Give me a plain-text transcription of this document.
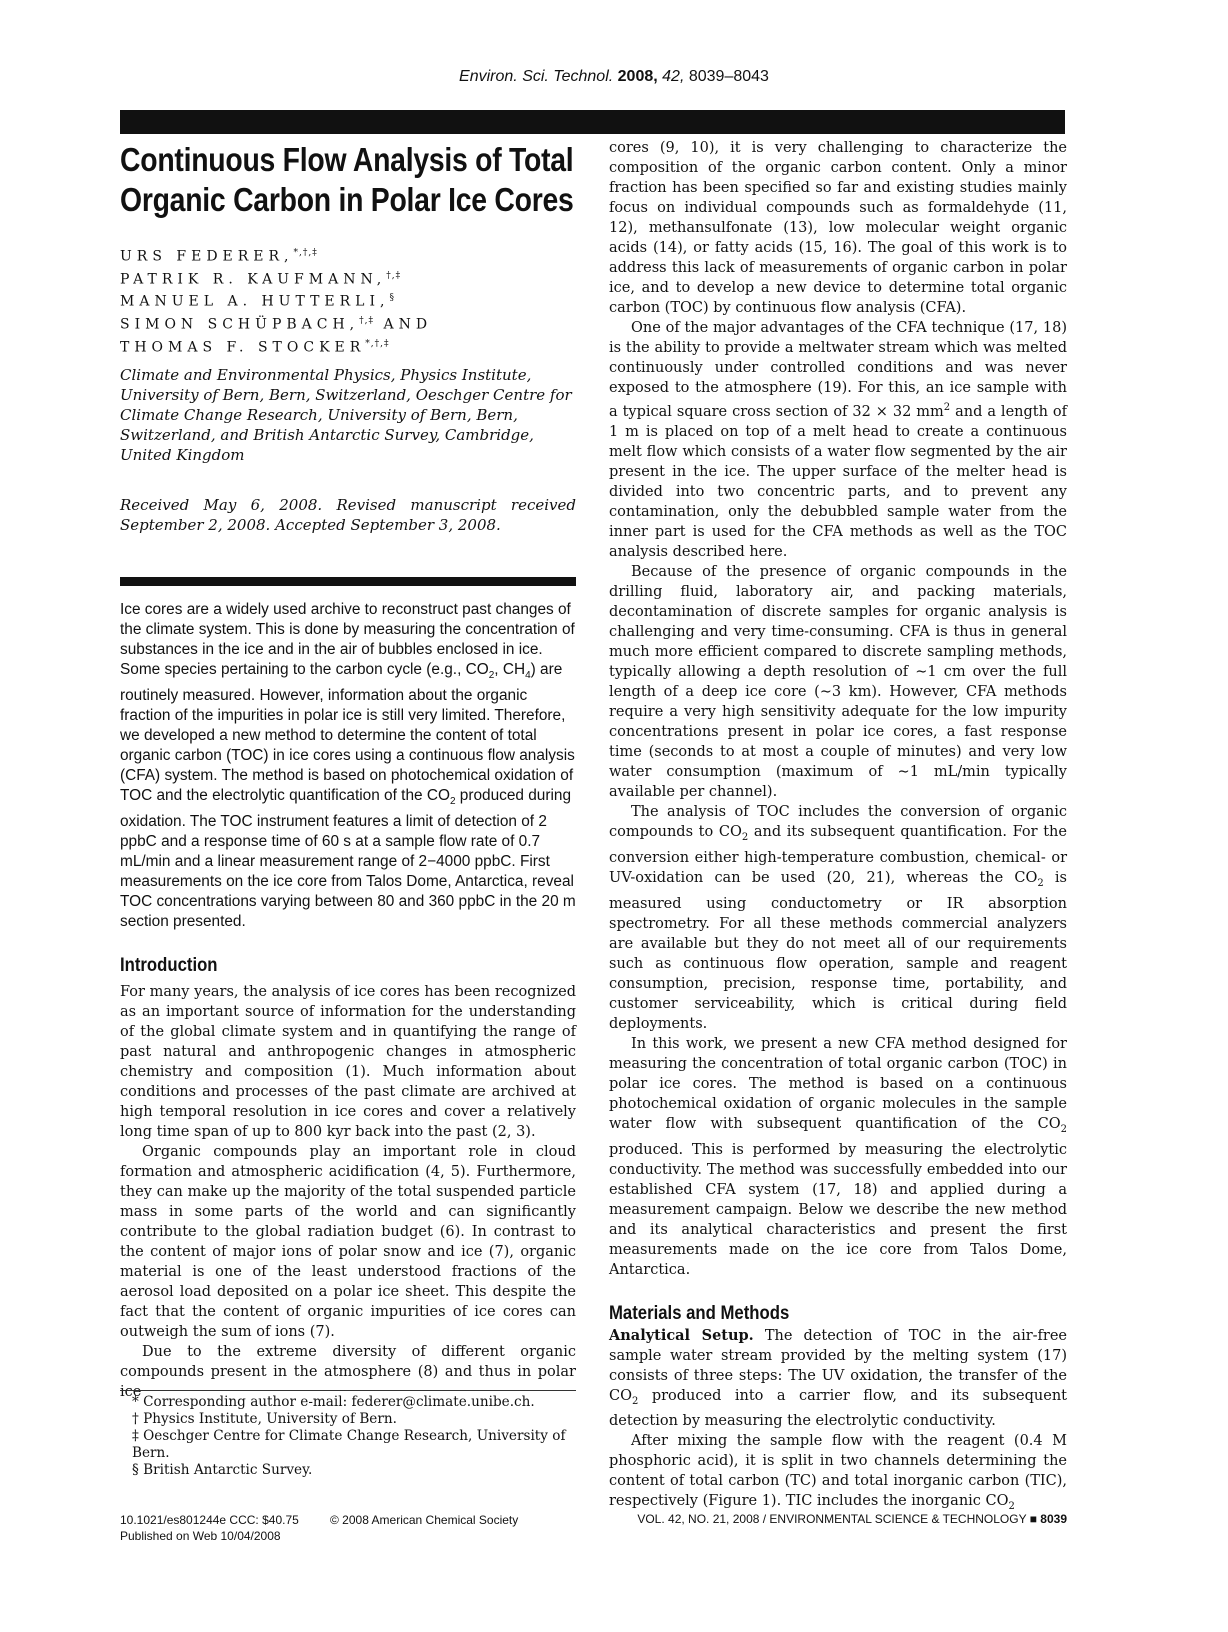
Environ. Sci. Technol. 2008, 42, 8039–8043
Continuous Flow Analysis of Total
Organic Carbon in Polar Ice Cores
URS FEDERER,*,†,‡
PATRIK R. KAUFMANN,†,‡
MANUEL A. HUTTERLI,§
SIMON SCHÜPBACH,†,‡ AND
THOMAS F. STOCKER*,†,‡
Climate and Environmental Physics, Physics Institute, University of Bern, Bern, Switzerland, Oeschger Centre for Climate Change Research, University of Bern, Bern, Switzerland, and British Antarctic Survey, Cambridge, United Kingdom
Received May 6, 2008. Revised manuscript received September 2, 2008. Accepted September 3, 2008.
Ice cores are a widely used archive to reconstruct past changes of the climate system. This is done by measuring the concentration of substances in the ice and in the air of bubbles enclosed in ice. Some species pertaining to the carbon cycle (e.g., $CO_2$, $CH_4$) are routinely measured. However, information about the organic fraction of the impurities in polar ice is still very limited. Therefore, we developed a new method to determine the content of total organic carbon (TOC) in ice cores using a continuous flow analysis (CFA) system. The method is based on photochemical oxidation of TOC and the electrolytic quantification of the $CO_2$ produced during oxidation. The TOC instrument features a limit of detection of 2 ppbC and a response time of 60 s at a sample flow rate of 0.7 mL/min and a linear measurement range of 2−4000 ppbC. First measurements on the ice core from Talos Dome, Antarctica, reveal TOC concentrations varying between 80 and 360 ppbC in the 20 m section presented.
Introduction

For many years, the analysis of ice cores has been recognized as an important source of information for the understanding of the global climate system and in quantifying the range of past natural and anthropogenic changes in atmospheric chemistry and composition (1). Much information about conditions and processes of the past climate are archived at high temporal resolution in ice cores and cover a relatively long time span of up to 800 kyr back into the past (2, 3).

Organic compounds play an important role in cloud formation and atmospheric acidification (4, 5). Furthermore, they can make up the majority of the total suspended particle mass in some parts of the world and can significantly contribute to the global radiation budget (6). In contrast to the content of major ions of polar snow and ice (7), organic material is one of the least understood fractions of the aerosol load deposited on a polar ice sheet. This despite the fact that the content of organic impurities of ice cores can outweigh the sum of ions (7).

Due to the extreme diversity of different organic compounds present in the atmosphere (8) and thus in polar ice

cores (9, 10), it is very challenging to characterize the composition of the organic carbon content. Only a minor fraction has been specified so far and existing studies mainly focus on individual compounds such as formaldehyde (11, 12), methansulfonate (13), low molecular weight organic acids (14), or fatty acids (15, 16). The goal of this work is to address this lack of measurements of organic carbon in polar ice, and to develop a new device to determine total organic carbon (TOC) by continuous flow analysis (CFA).

One of the major advantages of the CFA technique (17, 18) is the ability to provide a meltwater stream which was melted continuously under controlled conditions and was never exposed to the atmosphere (19). For this, an ice sample with a typical square cross section of 32 × 32 $mm^2$ and a length of 1 m is placed on top of a melt head to create a continuous melt flow which consists of a water flow segmented by the air present in the ice. The upper surface of the melter head is divided into two concentric parts, and to prevent any contamination, only the debubbled sample water from the inner part is used for the CFA methods as well as the TOC analysis described here.

Because of the presence of organic compounds in the drilling fluid, laboratory air, and packing materials, decontamination of discrete samples for organic analysis is challenging and very time-consuming. CFA is thus in general much more efficient compared to discrete sampling methods, typically allowing a depth resolution of ∼1 cm over the full length of a deep ice core (∼3 km). However, CFA methods require a very high sensitivity adequate for the low impurity concentrations present in polar ice cores, a fast response time (seconds to at most a couple of minutes) and very low water consumption (maximum of ∼1 mL/min typically available per channel).

The analysis of TOC includes the conversion of organic compounds to $CO_2$ and its subsequent quantification. For the conversion either high-temperature combustion, chemical- or UV-oxidation can be used (20, 21), whereas the $CO_2$ is measured using conductometry or IR absorption spectrometry. For all these methods commercial analyzers are available but they do not meet all of our requirements such as continuous flow operation, sample and reagent consumption, precision, response time, portability, and customer serviceability, which is critical during field deployments.

In this work, we present a new CFA method designed for measuring the concentration of total organic carbon (TOC) in polar ice cores. The method is based on a continuous photochemical oxidation of organic molecules in the sample water flow with subsequent quantification of the $CO_2$ produced. This is performed by measuring the electrolytic conductivity. The method was successfully embedded into our established CFA system (17, 18) and applied during a measurement campaign. Below we describe the new method and its analytical characteristics and present the first measurements made on the ice core from Talos Dome, Antarctica.

Materials and Methods

Analytical Setup. The detection of TOC in the air-free sample water stream provided by the melting system (17) consists of three steps: The UV oxidation, the transfer of the $CO_2$ produced into a carrier flow, and its subsequent detection by measuring the electrolytic conductivity.

After mixing the sample flow with the reagent (0.4 M phosphoric acid), it is split in two channels determining the content of total carbon (TC) and total inorganic carbon (TIC), respectively (Figure 1). TIC includes the inorganic $CO_2$

* Corresponding author e-mail: federer@climate.unibe.ch.
† Physics Institute, University of Bern.
‡ Oeschger Centre for Climate Change Research, University of Bern.
§ British Antarctic Survey.
10.1021/es801244e CCC: $40.75	© 2008 American Chemical Society
Published on Web 10/04/2008
VOL. 42, NO. 21, 2008 / ENVIRONMENTAL SCIENCE & TECHNOLOGY ■ 8039
